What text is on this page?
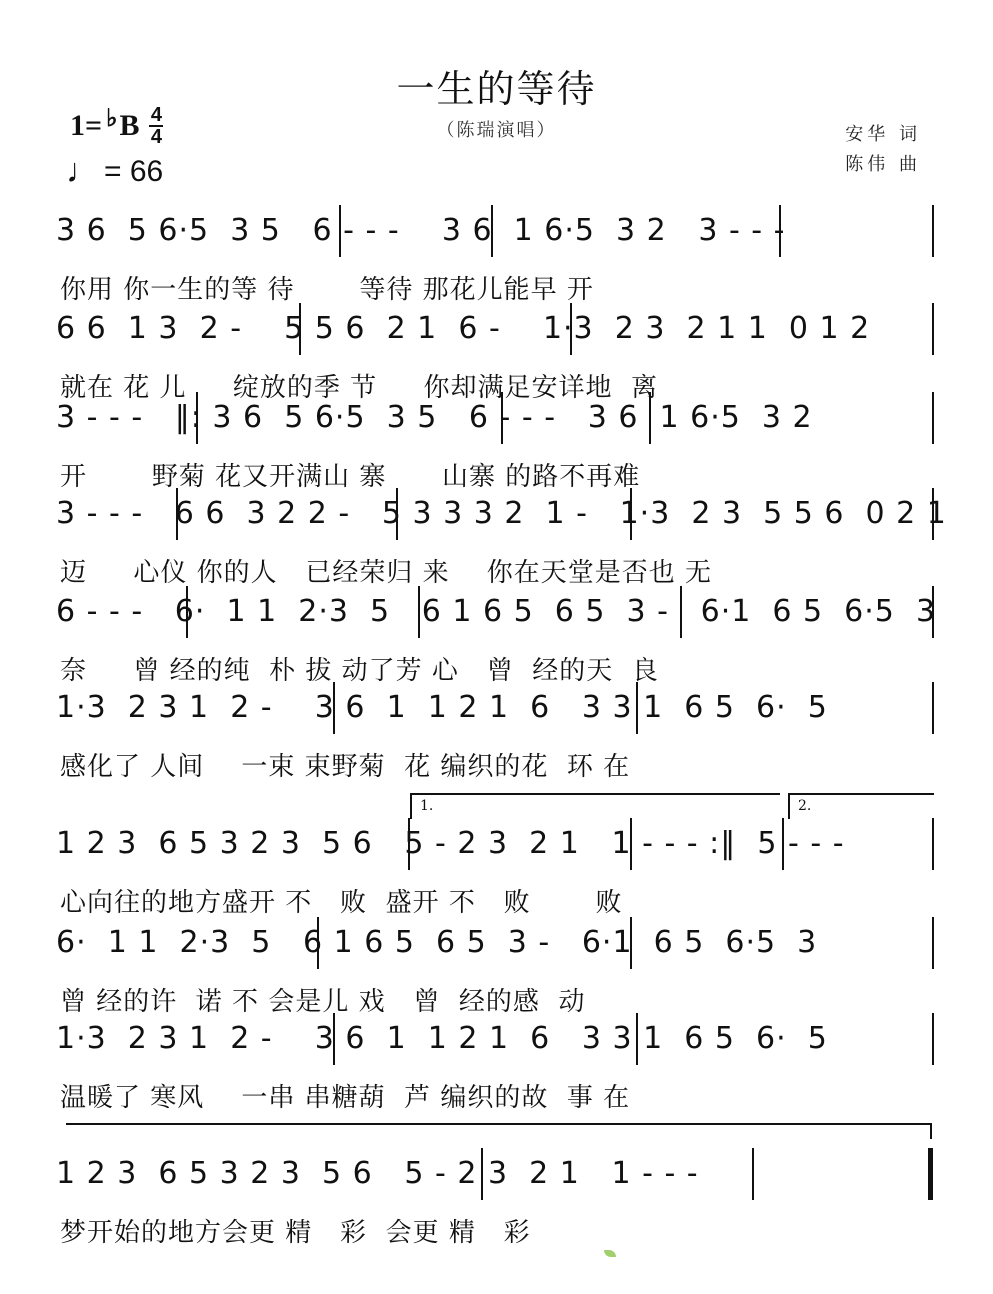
一生的等待
（陈瑞演唱）
1= ♭ B 4
4
♩ = 66
安华 词
陈伟 曲
3 6  5 6·5  3 5   6 - - -    3 6  1 6·5  3 2   3 - - -
你用 你一生的等 待       等待 那花儿能早 开
6 6  1 3  2 -    5 5 6  2 1  6 -    1·3  2 3  2 1 1  0 1 2
就在 花 儿     绽放的季 节     你却满足安详地  离
3 - - -   ‖: 3 6  5 6·5  3 5   6 - - -   3 6  1 6·5  3 2
开       野菊 花又开满山 寨      山寨 的路不再难
3 - - -   6 6  3 2 2 -   5 3 3 3 2  1 -   1·3  2 3  5 5 6  0 2 1
迈     心仪 你的人   已经荣归 来    你在天堂是否也 无
6 - - -   6·  1 1  2·3  5   6 1 6 5  6 5  3 -   6·1  6 5  6·5  3
奈     曾 经的纯  朴 拔 动了芳 心   曾  经的天  良
1·3  2 3 1  2 -    3 6  1  1 2 1  6   3 3 1  6 5  6·  5
感化了 人间    一束 束野菊  花 编织的花  环 在
1.	2.
1 2 3  6 5 3 2 3  5 6   5 - 2 3  2 1   1 - - - :‖  5 - - -
心向往的地方盛开 不   败  盛开 不   败       败
6·  1 1  2·3  5   6 1 6 5  6 5  3 -   6·1  6 5  6·5  3
曾 经的许  诺 不 会是儿 戏   曾  经的感  动
1·3  2 3 1  2 -    3 6  1  1 2 1  6   3 3 1  6 5  6·  5
温暖了 寒风    一串 串糖葫  芦 编织的故  事 在
1 2 3  6 5 3 2 3  5 6   5 - 2 3  2 1   1 - - -
梦开始的地方会更 精   彩  会更 精   彩
